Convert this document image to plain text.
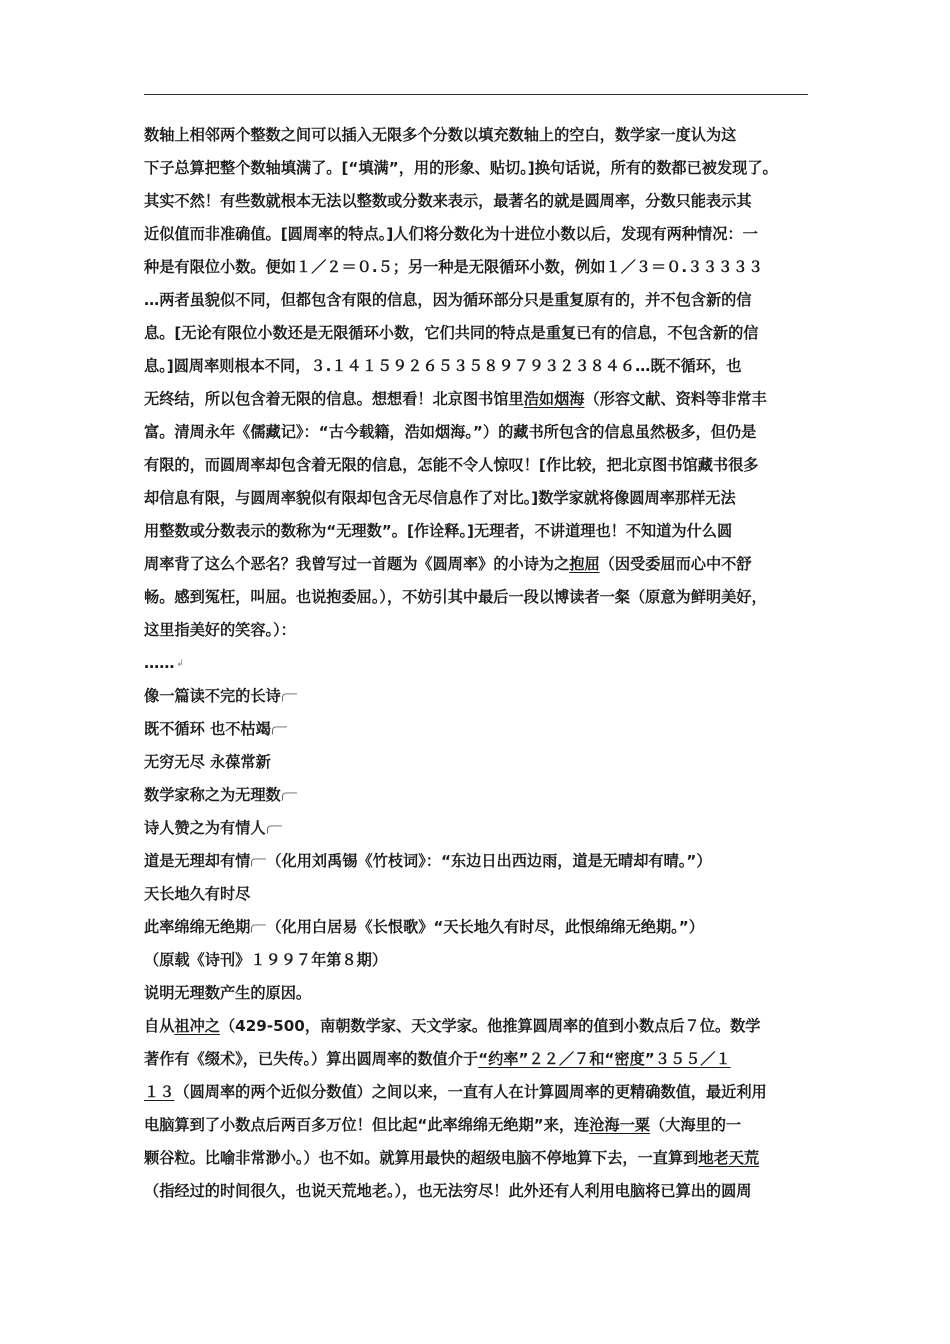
数轴上相邻两个整数之间可以插入无限多个分数以填充数轴上的空白，数学家一度认为这
下子总算把整个数轴填满了。[“填满”，用的形象、贴切。]换句话说，所有的数都已被发现了。
其实不然！有些数就根本无法以整数或分数来表示，最著名的就是圆周率，分数只能表示其
近似值而非准确值。[圆周率的特点。]人们将分数化为十进位小数以后，发现有两种情况：一
种是有限位小数。便如１／２＝０.５；另一种是无限循环小数，例如１／３＝０.３３３３３
…两者虽貌似不同，但都包含有限的信息，因为循环部分只是重复原有的，并不包含新的信
息。[无论有限位小数还是无限循环小数，它们共同的特点是重复已有的信息，不包含新的信
息。]圆周率则根本不同，３.１４１５９２６５３５８９７９３２３８４６…既不循环，也
无终结，所以包含着无限的信息。想想看！北京图书馆里浩如烟海（形容文献、资料等非常丰
富。清周永年《儒藏记》：“古今载籍，浩如烟海。”）的藏书所包含的信息虽然极多，但仍是
有限的，而圆周率却包含着无限的信息，怎能不令人惊叹！[作比较，把北京图书馆藏书很多
却信息有限，与圆周率貌似有限却包含无尽信息作了对比。]数学家就将像圆周率那样无法
用整数或分数表示的数称为“无理数”。[作诠释。]无理者，不讲道理也！不知道为什么圆
周率背了这么个恶名？我曾写过一首题为《圆周率》的小诗为之抱屈（因受委屈而心中不舒
畅。感到冤枉，叫屈。也说抱委屈。），不妨引其中最后一段以博读者一粲（原意为鲜明美好，
这里指美好的笑容。）：
…… ↲
像一篇读不完的长诗
既不循环 也不枯竭
无穷无尽 永葆常新
数学家称之为无理数
诗人赞之为有情人
道是无理却有情 （化用刘禹锡《竹枝词》：“东边日出西边雨，道是无晴却有晴。”）
天长地久有时尽
此率绵绵无绝期 （化用白居易《长恨歌》“天长地久有时尽，此恨绵绵无绝期。”）
（原载《诗刊》１９９７年第８期）
说明无理数产生的原因。
自从祖冲之（429-500，南朝数学家、天文学家。他推算圆周率的值到小数点后７位。数学
著作有《缀术》，已失传。）算出圆周率的数值介于“约率”２２／７和“密度”３５５／１
１３（圆周率的两个近似分数值）之间以来，一直有人在计算圆周率的更精确数值，最近利用
电脑算到了小数点后两百多万位！但比起“此率绵绵无绝期”来，连沧海一粟（大海里的一
颗谷粒。比喻非常渺小。）也不如。就算用最快的超级电脑不停地算下去，一直算到地老天荒
（指经过的时间很久，也说天荒地老。），也无法穷尽！此外还有人利用电脑将已算出的圆周
